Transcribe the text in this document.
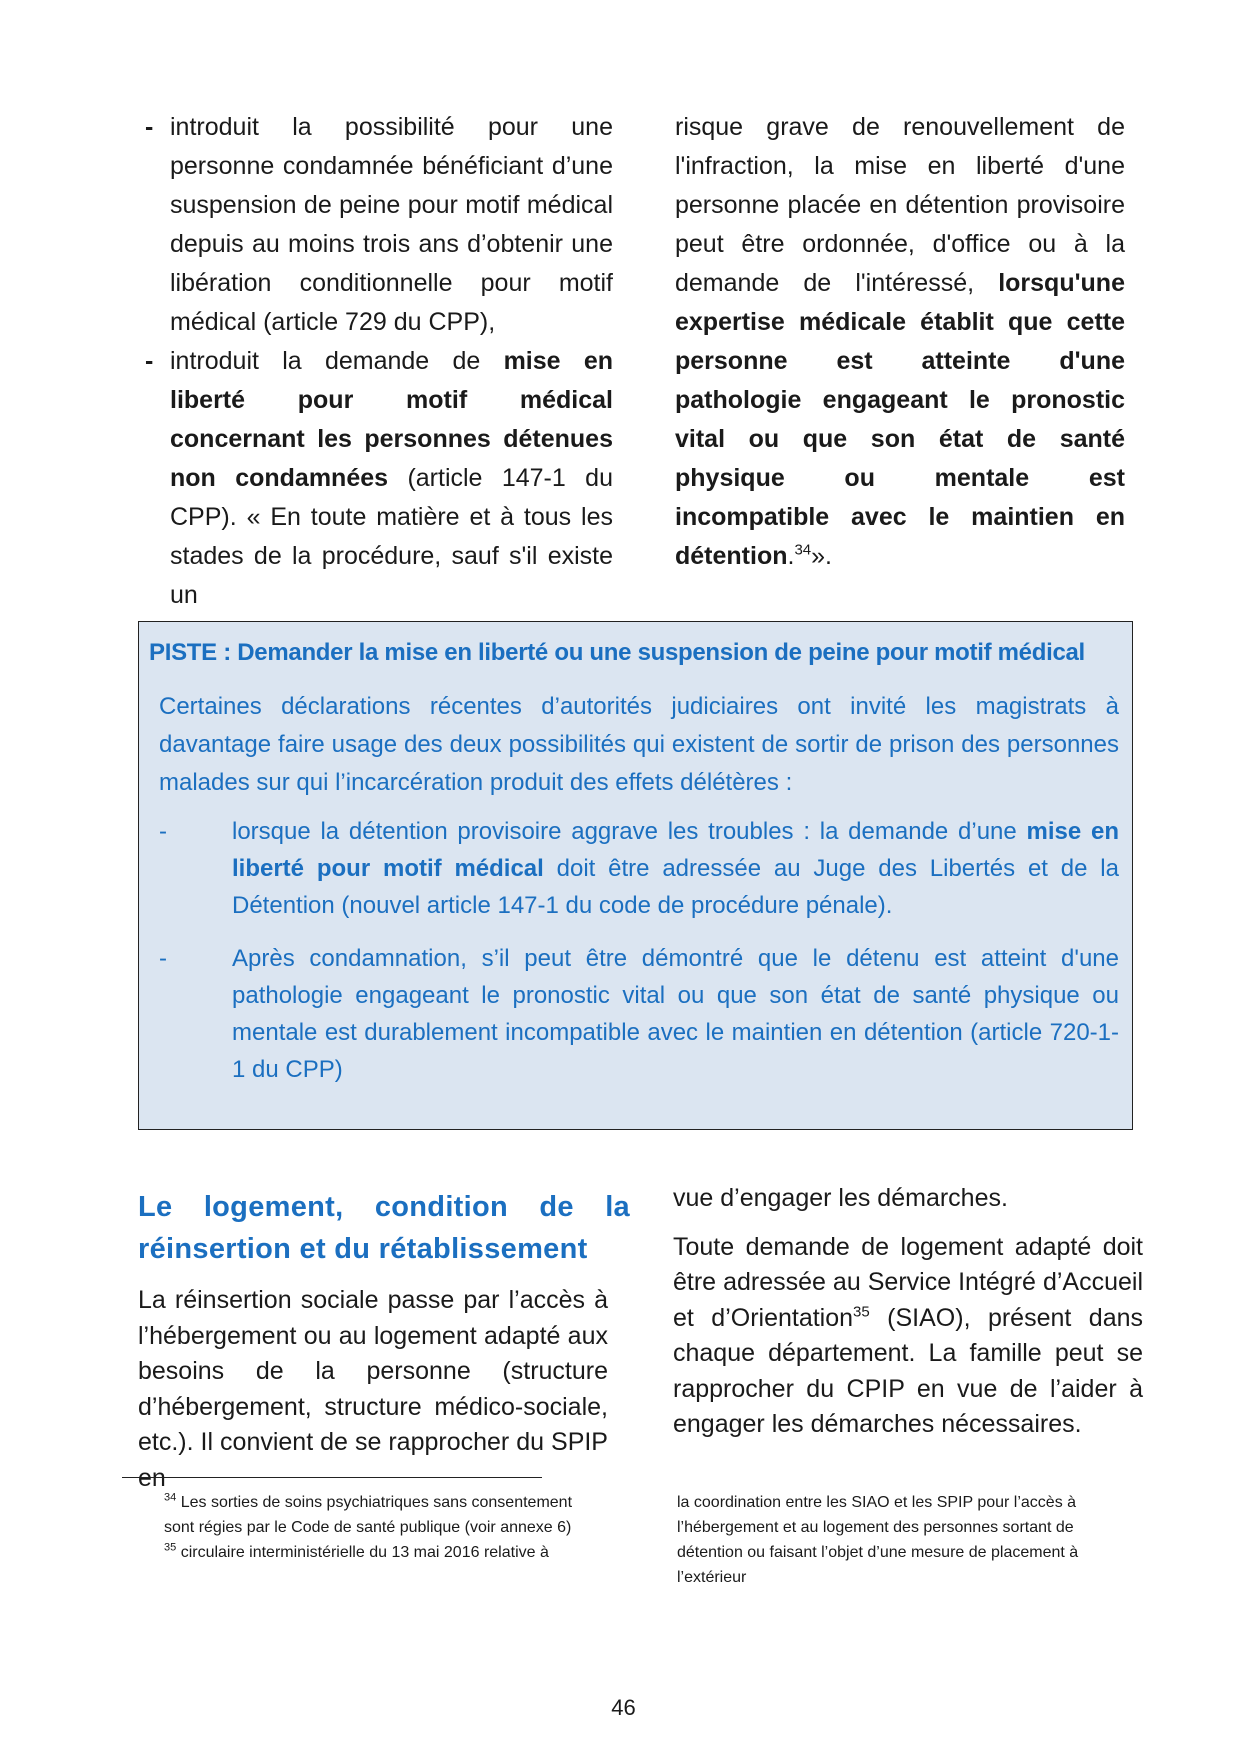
- introduit la possibilité pour une personne condamnée bénéficiant d’une suspension de peine pour motif médical depuis au moins trois ans d’obtenir une libération conditionnelle pour motif médical (article 729 du CPP),
- introduit la demande de mise en liberté pour motif médical concernant les personnes détenues non condamnées (article 147-1 du CPP). « En toute matière et à tous les stades de la procédure, sauf s'il existe un
risque grave de renouvellement de l'infraction, la mise en liberté d'une personne placée en détention provisoire peut être ordonnée, d'office ou à la demande de l'intéressé, lorsqu'une expertise médicale établit que cette personne est atteinte d'une pathologie engageant le pronostic vital ou que son état de santé physique ou mentale est incompatible avec le maintien en détention.$^{34}$».
PISTE : Demander la mise en liberté ou une suspension de peine pour motif médical
Certaines déclarations récentes d’autorités judiciaires ont invité les magistrats à davantage faire usage des deux possibilités qui existent de sortir de prison des personnes malades sur qui l’incarcération produit des effets délétères :
-	lorsque la détention provisoire aggrave les troubles : la demande d’une mise en liberté pour motif médical doit être adressée au Juge des Libertés et de la Détention (nouvel article 147-1 du code de procédure pénale).
-	Après condamnation, s’il peut être démontré que le détenu est atteint d'une pathologie engageant le pronostic vital ou que son état de santé physique ou mentale est durablement incompatible avec le maintien en détention (article 720-1-1 du CPP)
Le logement, condition de la réinsertion et du rétablissement
La réinsertion sociale passe par l’accès à l’hébergement ou au logement adapté aux besoins de la personne (structure d’hébergement, structure médico-sociale, etc.). Il convient de se rapprocher du SPIP en
vue d’engager les démarches.
Toute demande de logement adapté doit être adressée au Service Intégré d’Accueil et d’Orientation$^{35}$ (SIAO), présent dans chaque département. La famille peut se rapprocher du CPIP en vue de l’aider à engager les démarches nécessaires.
$^{34}$ Les sorties de soins psychiatriques sans consentement sont régies par le Code de santé publique (voir annexe 6)
$^{35}$ circulaire interministérielle du 13 mai 2016 relative à
la coordination entre les SIAO et les SPIP pour l’accès à l’hébergement et au logement des personnes sortant de détention ou faisant l’objet d’une mesure de placement à l’extérieur
46
